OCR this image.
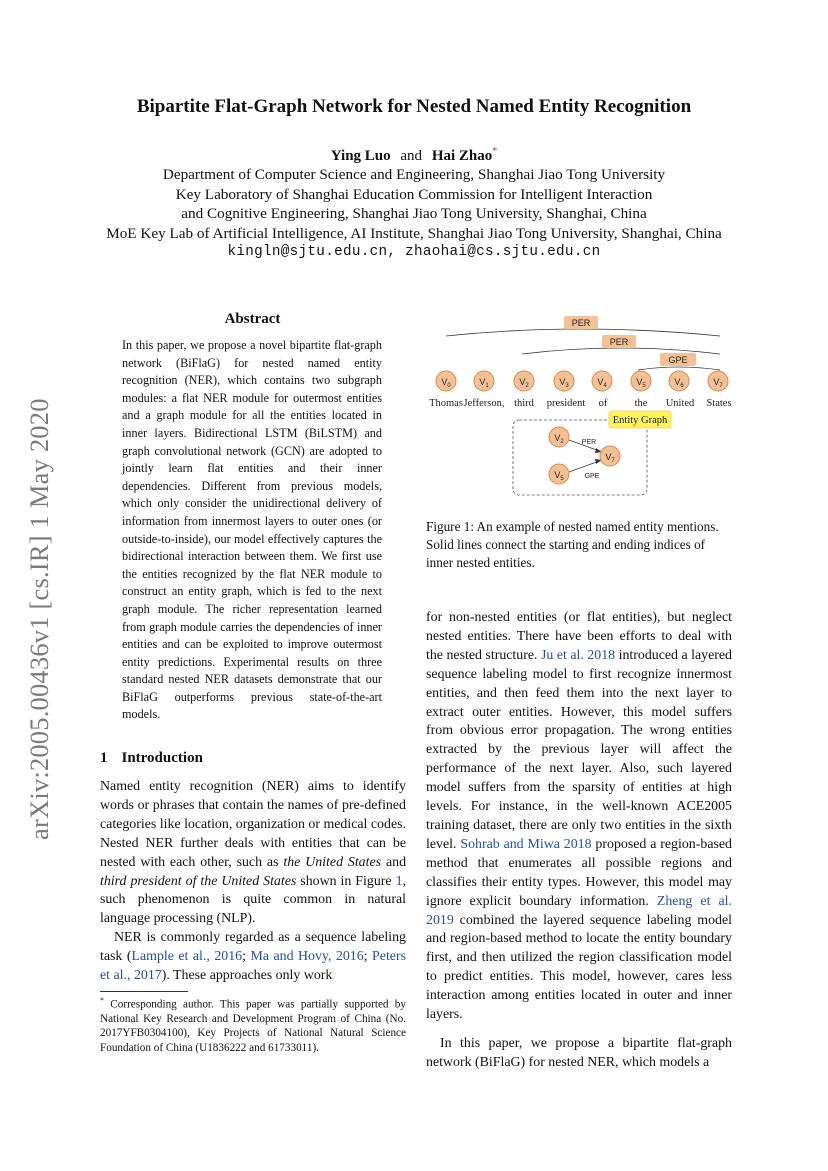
Bipartite Flat-Graph Network for Nested Named Entity Recognition
Ying Luo and Hai Zhao*
Department of Computer Science and Engineering, Shanghai Jiao Tong University
Key Laboratory of Shanghai Education Commission for Intelligent Interaction
and Cognitive Engineering, Shanghai Jiao Tong University, Shanghai, China
MoE Key Lab of Artificial Intelligence, AI Institute, Shanghai Jiao Tong University, Shanghai, China
kingln@sjtu.edu.cn, zhaohai@cs.sjtu.edu.cn
arXiv:2005.00436v1 [cs.IR] 1 May 2020
Abstract
In this paper, we propose a novel bipartite flat-graph network (BiFlaG) for nested named entity recognition (NER), which contains two subgraph modules: a flat NER module for outermost entities and a graph module for all the entities located in inner layers. Bidirectional LSTM (BiLSTM) and graph convolutional network (GCN) are adopted to jointly learn flat entities and their inner dependencies. Different from previous models, which only consider the unidirectional delivery of information from innermost layers to outer ones (or outside-to-inside), our model effectively captures the bidirectional interaction between them. We first use the entities recognized by the flat NER module to construct an entity graph, which is fed to the next graph module. The richer representation learned from graph module carries the dependencies of inner entities and can be exploited to improve outermost entity predictions. Experimental results on three standard nested NER datasets demonstrate that our BiFlaG outperforms previous state-of-the-art models.
1 Introduction

Named entity recognition (NER) aims to identify words or phrases that contain the names of pre-defined categories like location, organization or medical codes. Nested NER further deals with entities that can be nested with each other, such as the United States and third president of the United States shown in Figure 1, such phenomenon is quite common in natural language processing (NLP).

NER is commonly regarded as a sequence labeling task (Lample et al., 2016; Ma and Hovy, 2016; Peters et al., 2017). These approaches only work

* Corresponding author. This paper was partially supported by National Key Research and Development Program of China (No. 2017YFB0304100), Key Projects of National Natural Science Foundation of China (U1836222 and 61733011).
PER
PER
GPE
$V_0$
Thomas
$V_1$
Jefferson,
$V_2$
third
$V_3$
president
$V_4$
of
$V_5$
the
$V_6$
United
$V_7$
States
Entity Graph
PER
GPE
$V_2$
$V_7$
$V_5$
Figure 1: An example of nested named entity mentions. Solid lines connect the starting and ending indices of inner nested entities.

for non-nested entities (or flat entities), but neglect nested entities. There have been efforts to deal with the nested structure. Ju et al. 2018 introduced a layered sequence labeling model to first recognize innermost entities, and then feed them into the next layer to extract outer entities. However, this model suffers from obvious error propagation. The wrong entities extracted by the previous layer will affect the performance of the next layer. Also, such layered model suffers from the sparsity of entities at high levels. For instance, in the well-known ACE2005 training dataset, there are only two entities in the sixth level. Sohrab and Miwa 2018 proposed a region-based method that enumerates all possible regions and classifies their entity types. However, this model may ignore explicit boundary information. Zheng et al. 2019 combined the layered sequence labeling model and region-based method to locate the entity boundary first, and then utilized the region classification model to predict entities. This model, however, cares less interaction among entities located in outer and inner layers.

In this paper, we propose a bipartite flat-graph network (BiFlaG) for nested NER, which models a
